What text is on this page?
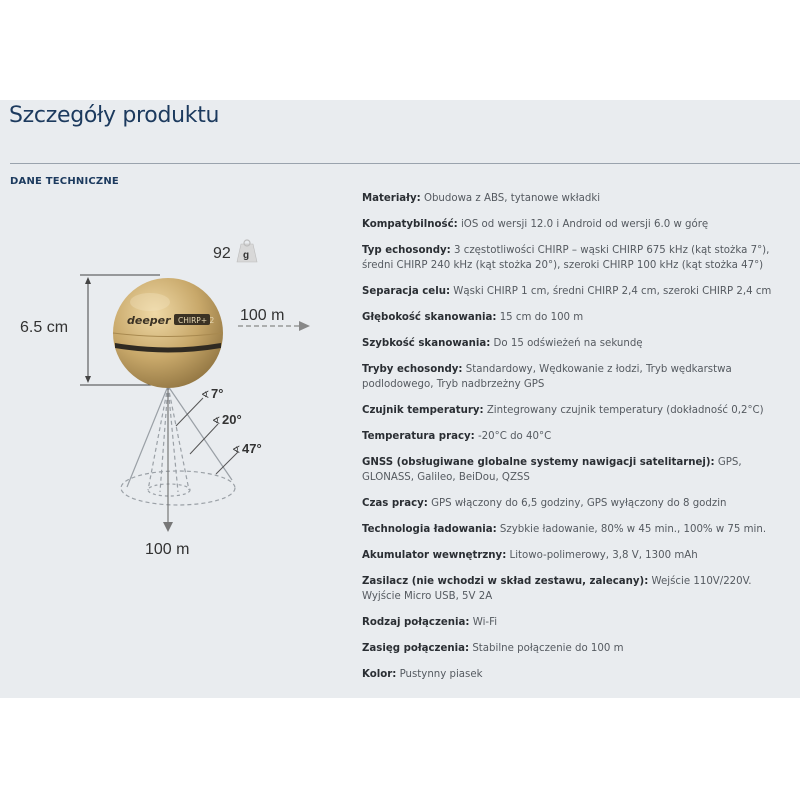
Szczegóły produktu
DANE TECHNICZNE
6.5 cm
92 g
∢ 7°
∢ 20°
∢ 47°
100 m
100 m
deeper CHIRP+ 2
Materiały: Obudowa z ABS, tytanowe wkładki
Kompatybilność: iOS od wersji 12.0 i Android od wersji 6.0 w górę
Typ echosondy: 3 częstotliwości CHIRP – wąski CHIRP 675 kHz (kąt stożka 7°), średni CHIRP 240 kHz (kąt stożka 20°), szeroki CHIRP 100 kHz (kąt stożka 47°)
Separacja celu: Wąski CHIRP 1 cm, średni CHIRP 2,4 cm, szeroki CHIRP 2,4 cm
Głębokość skanowania: 15 cm do 100 m
Szybkość skanowania: Do 15 odświeżeń na sekundę
Tryby echosondy: Standardowy, Wędkowanie z łodzi, Tryb wędkarstwa podlodowego, Tryb nadbrzeżny GPS
Czujnik temperatury: Zintegrowany czujnik temperatury (dokładność 0,2°C)
Temperatura pracy: -20°C do 40°C
GNSS (obsługiwane globalne systemy nawigacji satelitarnej): GPS, GLONASS, Galileo, BeiDou, QZSS
Czas pracy: GPS włączony do 6,5 godziny, GPS wyłączony do 8 godzin
Technologia ładowania: Szybkie ładowanie, 80% w 45 min., 100% w 75 min.
Akumulator wewnętrzny: Litowo-polimerowy, 3,8 V, 1300 mAh
Zasilacz (nie wchodzi w skład zestawu, zalecany): Wejście 110V/220V. Wyjście Micro USB, 5V 2A
Rodzaj połączenia: Wi-Fi
Zasięg połączenia: Stabilne połączenie do 100 m
Kolor: Pustynny piasek
